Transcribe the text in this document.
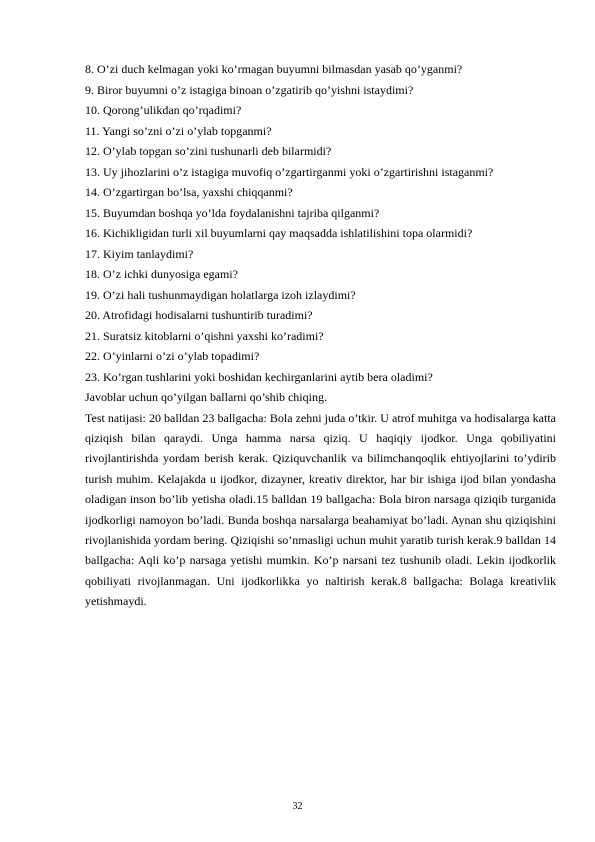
8. O’zi duch kelmagan yoki ko’rmagan buyumni bilmasdan yasab qo’yganmi?

9. Biror buyumni o’z istagiga binoan o’zgatirib qo’yishni istaydimi?

10. Qorong’ulikdan qo’rqadimi?

11. Yangi so’zni o’zi o’ylab topganmi?

12. O’ylab topgan so’zini tushunarli deb bilarmidi?

13. Uy jihozlarini o’z istagiga muvofiq o’zgartirganmi yoki o’zgartirishni istaganmi?

14. O’zgartirgan bo’lsa, yaxshi chiqqanmi?

15. Buyumdan boshqa yo’lda foydalanishni tajriba qilganmi?

16. Kichikligidan turli xil buyumlarni qay maqsadda ishlatilishini topa olarmidi?

17. Kiyim tanlaydimi?

18. O’z ichki dunyosiga egami?

19. O’zi hali tushunmaydigan holatlarga izoh izlaydimi?

20. Atrofidagi hodisalarni tushuntirib turadimi?

21. Suratsiz kitoblarni o’qishni yaxshi ko’radimi?

22. O’yinlarni o’zi o’ylab topadimi?

23. Ko’rgan tushlarini yoki boshidan kechirganlarini aytib bera oladimi?

Javoblar uchun qo’yilgan ballarni qo’shib chiqing.

Test natijasi: 20 balldan 23 ballgacha: Bola zehni juda o’tkir. U atrof muhitga va hodisalarga katta qiziqish bilan qaraydi. Unga hamma narsa qiziq. U haqiqiy ijodkor. Unga qobiliyatini rivojlantirishda yordam berish kerak. Qiziquvchanlik va bilimchanqoqlik ehtiyojlarini to’ydirib turish muhim. Kelajakda u ijodkor, dizayner, kreativ direktor, har bir ishiga ijod bilan yondasha oladigan inson bo’lib yetisha oladi.15 balldan 19 ballgacha: Bola biron narsaga qiziqib turganida ijodkorligi namoyon bo’ladi. Bunda boshqa narsalarga beahamiyat bo’ladi. Aynan shu qiziqishini rivojlanishida yordam bering. Qiziqishi so’nmasligi uchun muhit yaratib turish kerak.9 balldan 14 ballgacha: Aqli ko’p narsaga yetishi mumkin. Ko’p narsani tez tushunib oladi. Lekin ijodkorlik qobiliyati rivojlanmagan. Uni ijodkorlikka yo naltirish kerak.8 ballgacha: Bolaga kreativlik yetishmaydi.

32
